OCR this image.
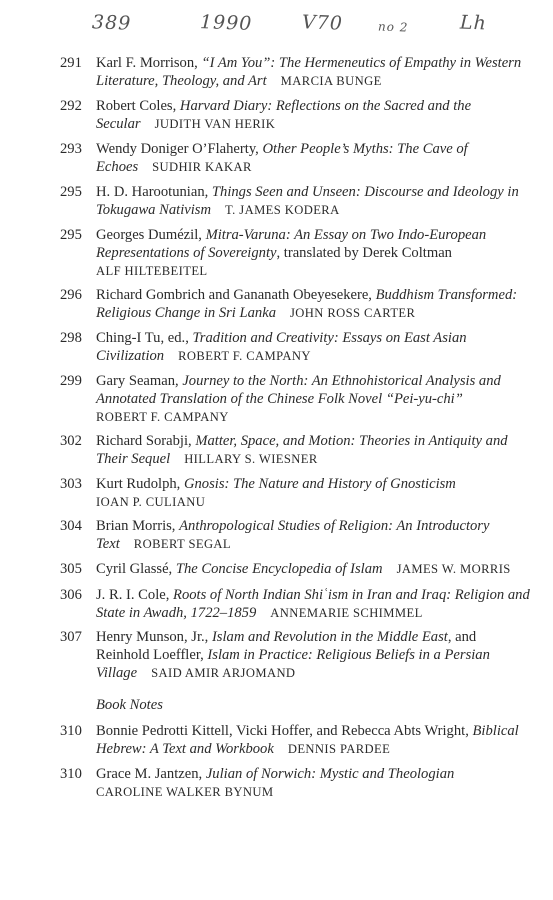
389	1990	V70	no 2	Lh
291 Karl F. Morrison, “I Am You”: The Hermeneutics of Empathy in Western Literature, Theology, and Art MARCIA BUNGE
292 Robert Coles, Harvard Diary: Reflections on the Sacred and the Secular JUDITH VAN HERIK
293 Wendy Doniger O’Flaherty, Other People’s Myths: The Cave of Echoes SUDHIR KAKAR
295 H. D. Harootunian, Things Seen and Unseen: Discourse and Ideology in Tokugawa Nativism T. JAMES KODERA
295 Georges Dumézil, Mitra-Varuna: An Essay on Two Indo-European Representations of Sovereignty, translated by Derek Coltman
ALF HILTEBEITEL
296 Richard Gombrich and Gananath Obeyesekere, Buddhism Transformed: Religious Change in Sri Lanka JOHN ROSS CARTER
298 Ching-I Tu, ed., Tradition and Creativity: Essays on East Asian Civilization ROBERT F. CAMPANY
299 Gary Seaman, Journey to the North: An Ethnohistorical Analysis and Annotated Translation of the Chinese Folk Novel “Pei-yu-chi”
ROBERT F. CAMPANY
302 Richard Sorabji, Matter, Space, and Motion: Theories in Antiquity and Their Sequel HILLARY S. WIESNER
303 Kurt Rudolph, Gnosis: The Nature and History of Gnosticism
IOAN P. CULIANU
304 Brian Morris, Anthropological Studies of Religion: An Introductory Text ROBERT SEGAL
305 Cyril Glassé, The Concise Encyclopedia of Islam JAMES W. MORRIS
306 J. R. I. Cole, Roots of North Indian Shiʿism in Iran and Iraq: Religion and State in Awadh, 1722–1859 ANNEMARIE SCHIMMEL
307 Henry Munson, Jr., Islam and Revolution in the Middle East, and Reinhold Loeffler, Islam in Practice: Religious Beliefs in a Persian Village SAID AMIR ARJOMAND
Book Notes
310 Bonnie Pedrotti Kittell, Vicki Hoffer, and Rebecca Abts Wright, Biblical Hebrew: A Text and Workbook DENNIS PARDEE
310 Grace M. Jantzen, Julian of Norwich: Mystic and Theologian
CAROLINE WALKER BYNUM
